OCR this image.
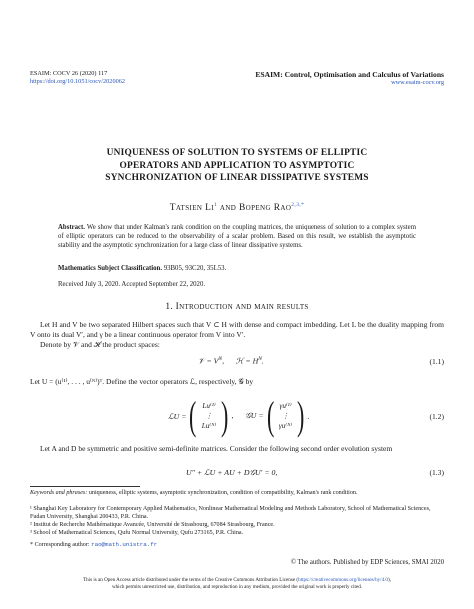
ESAIM: COCV 26 (2020) 117
https://doi.org/10.1051/cocv/2020062
ESAIM: Control, Optimisation and Calculus of Variations
www.esaim-cocv.org
UNIQUENESS OF SOLUTION TO SYSTEMS OF ELLIPTIC
OPERATORS AND APPLICATION TO ASYMPTOTIC
SYNCHRONIZATION OF LINEAR DISSIPATIVE SYSTEMS
Tatsien Li$^1$ and Bopeng Rao$^{2,3,*}$
Abstract. We show that under Kalman's rank condition on the coupling matrices, the uniqueness of solution to a complex system of elliptic operators can be reduced to the observability of a scalar problem. Based on this result, we establish the asymptotic stability and the asymptotic synchronization for a large class of linear dissipative systems.
Mathematics Subject Classification. 93B05, 93C20, 35L53.
Received July 3, 2020. Accepted September 22, 2020.
1. Introduction and main results
Let H and V be two separated Hilbert spaces such that V ⊂ H with dense and compact imbedding. Let L be the duality mapping from V onto its dual V′, and γ be a linear continuous operator from V into V′.
Denote by 𝒱 and ℋ the product spaces:
𝒱 = $V^N$,      ℋ = $H^N$.	(1.1)
Let U = (u⁽¹⁾, . . . , u⁽ᴺ⁾)ᵀ. Define the vector operators ℒ, respectively, 𝒢 by
ℒU = ( Lu⁽¹⁾
⋮
Lu⁽ᴺ⁾ ) ,      𝒢U = ( γu⁽¹⁾
⋮
γu⁽ᴺ⁾ ) .	(1.2)
Let A and D be symmetric and positive semi-definite matrices. Consider the following second order evolution system
U″ + ℒU + AU + D𝒢U′ = 0,	(1.3)
Keywords and phrases: uniqueness, elliptic systems, asymptotic synchronization, condition of compatibility, Kalman's rank condition.
¹ Shanghai Key Laboratory for Contemporary Applied Mathematics, Nonlinear Mathematical Modeling and Methods Laboratory, School of Mathematical Sciences, Fudan University, Shanghai 200433, P.R. China.
² Institut de Recherche Mathématique Avancée, Université de Strasbourg, 67084 Strasbourg, France.
³ School of Mathematical Sciences, Qufu Normal University, Qufu 273165, P.R. China.
* Corresponding author: rao@math.unistra.fr
© The authors. Published by EDP Sciences, SMAI 2020
This is an Open Access article distributed under the terms of the Creative Commons Attribution License (https://creativecommons.org/licenses/by/4.0),
which permits unrestricted use, distribution, and reproduction in any medium, provided the original work is properly cited.
